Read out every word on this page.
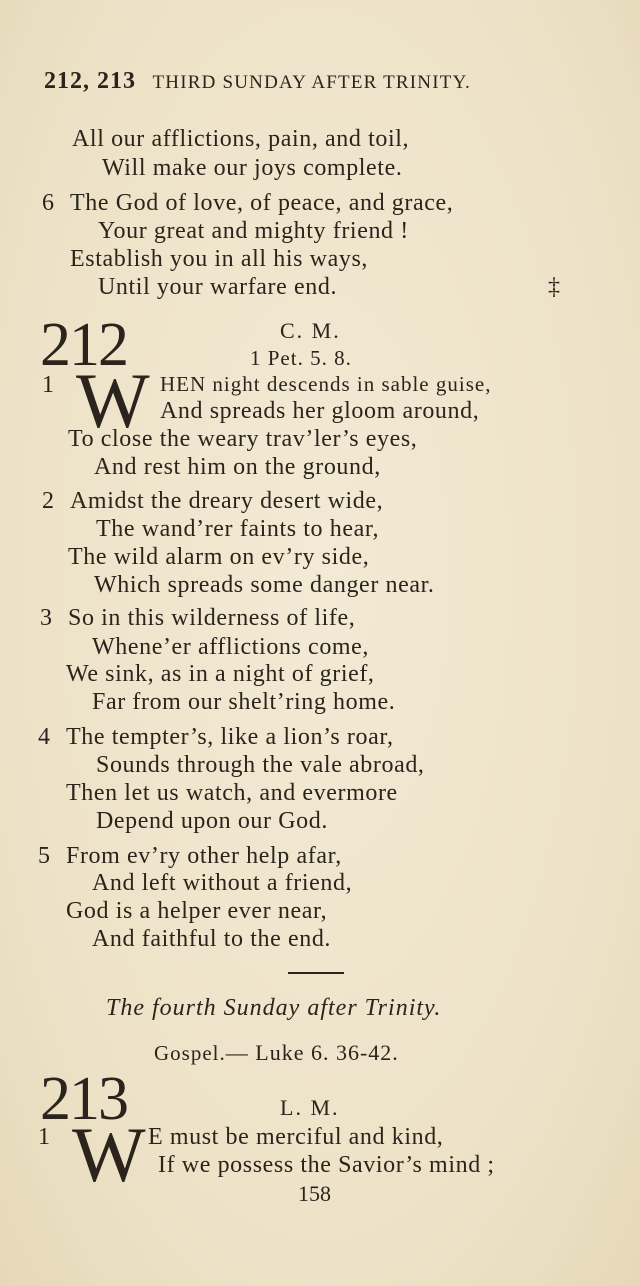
212, 213 THIRD SUNDAY AFTER TRINITY.
All our afflictions, pain, and toil,
Will make our joys complete.
6 The God of love, of peace, and grace,
Your great and mighty friend !
Establish you in all his ways,
Until your warfare end.	‡
212	C. M.
1 Pet. 5. 8.
1 W HEN night descends in sable guise,
And spreads her gloom around,
To close the weary trav’ler’s eyes,
And rest him on the ground,
2 Amidst the dreary desert wide,
The wand’rer faints to hear,
The wild alarm on ev’ry side,
Which spreads some danger near.
3 So in this wilderness of life,
Whene’er afflictions come,
We sink, as in a night of grief,
Far from our shelt’ring home.
4 The tempter’s, like a lion’s roar,
Sounds through the vale abroad,
Then let us watch, and evermore
Depend upon our God.
5 From ev’ry other help afar,
And left without a friend,
God is a helper ever near,
And faithful to the end.
The fourth Sunday after Trinity.
Gospel.— Luke 6. 36-42.
213	L. M.
1 W E must be merciful and kind,
If we possess the Savior’s mind ;
158
